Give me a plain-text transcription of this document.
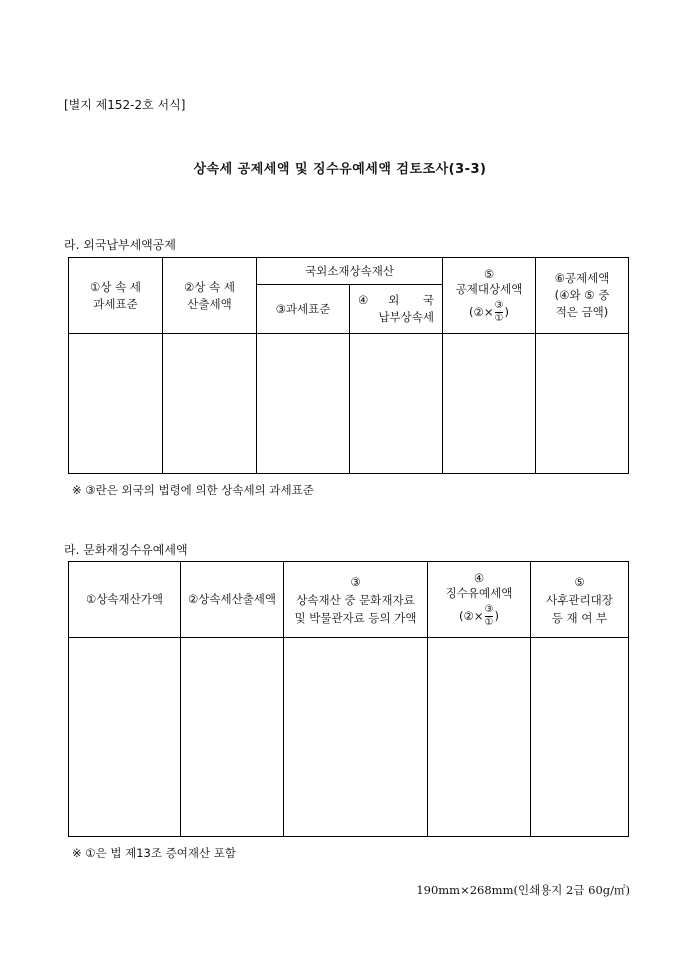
[별지 제152-2호 서식]
상속세 공제세액 및 징수유예세액 검토조사(3-3)
라. 외국납부세액공제
①상 속 세
과세표준
②상 속 세
산출세액
국외소재상속재산
③과세표준
④외 국
납부상속세
⑤
공제대상세액
(②× $\frac{\text{③}}{\text{①}}$ )
⑥공제세액
(④와 ⑤ 중
적은 금액)
※ ③란은 외국의 법령에 의한 상속세의 과세표준
라. 문화재징수유예세액
①상속재산가액 ②상속세산출세액
③
상속재산 중 문화재자료
및 박물관자료 등의 가액
④
징수유예세액
(②× $\frac{\text{③}}{\text{①}}$ )
⑤
사후관리대장
등 재 여 부
※ ①은 법 제13조 증여재산 포함
190mm×268mm(인쇄용지 2급 60g/㎡)
